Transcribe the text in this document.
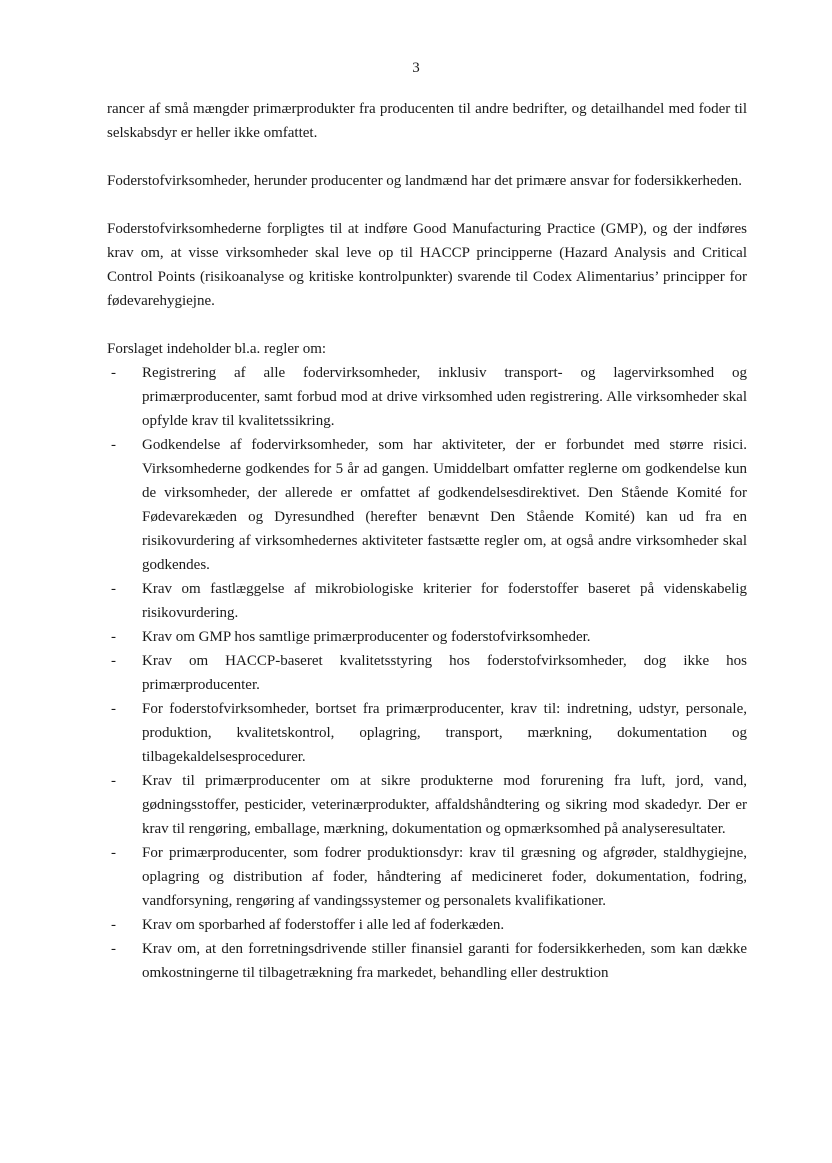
3

rancer af små mængder primærprodukter fra producenten til andre bedrifter, og detailhandel med foder til selskabsdyr er heller ikke omfattet.

Foderstofvirksomheder, herunder producenter og landmænd har det primære ansvar for fodersikkerheden.

Foderstofvirksomhederne forpligtes til at indføre Good Manufacturing Practice (GMP), og der indføres krav om, at visse virksomheder skal leve op til HACCP principperne (Hazard Analysis and Critical Control Points (risikoanalyse og kritiske kontrolpunkter) svarende til Codex Alimentarius’ principper for fødevarehygiejne.

Forslaget indeholder bl.a. regler om:

- Registrering af alle fodervirksomheder, inklusiv transport- og lagervirksomhed og primærproducenter, samt forbud mod at drive virksomhed uden registrering. Alle virksomheder skal opfylde krav til kvalitetssikring.
- Godkendelse af fodervirksomheder, som har aktiviteter, der er forbundet med større risici. Virksomhederne godkendes for 5 år ad gangen. Umiddelbart omfatter reglerne om godkendelse kun de virksomheder, der allerede er omfattet af godkendelsesdirektivet. Den Stående Komité for Fødevarekæden og Dyresundhed (herefter benævnt Den Stående Komité) kan ud fra en risikovurdering af virksomhedernes aktiviteter fastsætte regler om, at også andre virksomheder skal godkendes.
- Krav om fastlæggelse af mikrobiologiske kriterier for foderstoffer baseret på videnskabelig risikovurdering.
- Krav om GMP hos samtlige primærproducenter og foderstofvirksomheder.
- Krav om HACCP-baseret kvalitetsstyring hos foderstofvirksomheder, dog ikke hos primærproducenter.
- For foderstofvirksomheder, bortset fra primærproducenter, krav til: indretning, udstyr, personale, produktion, kvalitetskontrol, oplagring, transport, mærkning, dokumentation og tilbagekaldelsesprocedurer.
- Krav til primærproducenter om at sikre produkterne mod forurening fra luft, jord, vand, gødningsstoffer, pesticider, veterinærprodukter, affaldshåndtering og sikring mod skadedyr. Der er krav til rengøring, emballage, mærkning, dokumentation og opmærksomhed på analyseresultater.
- For primærproducenter, som fodrer produktionsdyr: krav til græsning og afgrøder, staldhygiejne, oplagring og distribution af foder, håndtering af medicineret foder, dokumentation, fodring, vandforsyning, rengøring af vandingssystemer og personalets kvalifikationer.
- Krav om sporbarhed af foderstoffer i alle led af foderkæden.
- Krav om, at den forretningsdrivende stiller finansiel garanti for fodersikkerheden, som kan dække omkostningerne til tilbagetrækning fra markedet, behandling eller destruktion
